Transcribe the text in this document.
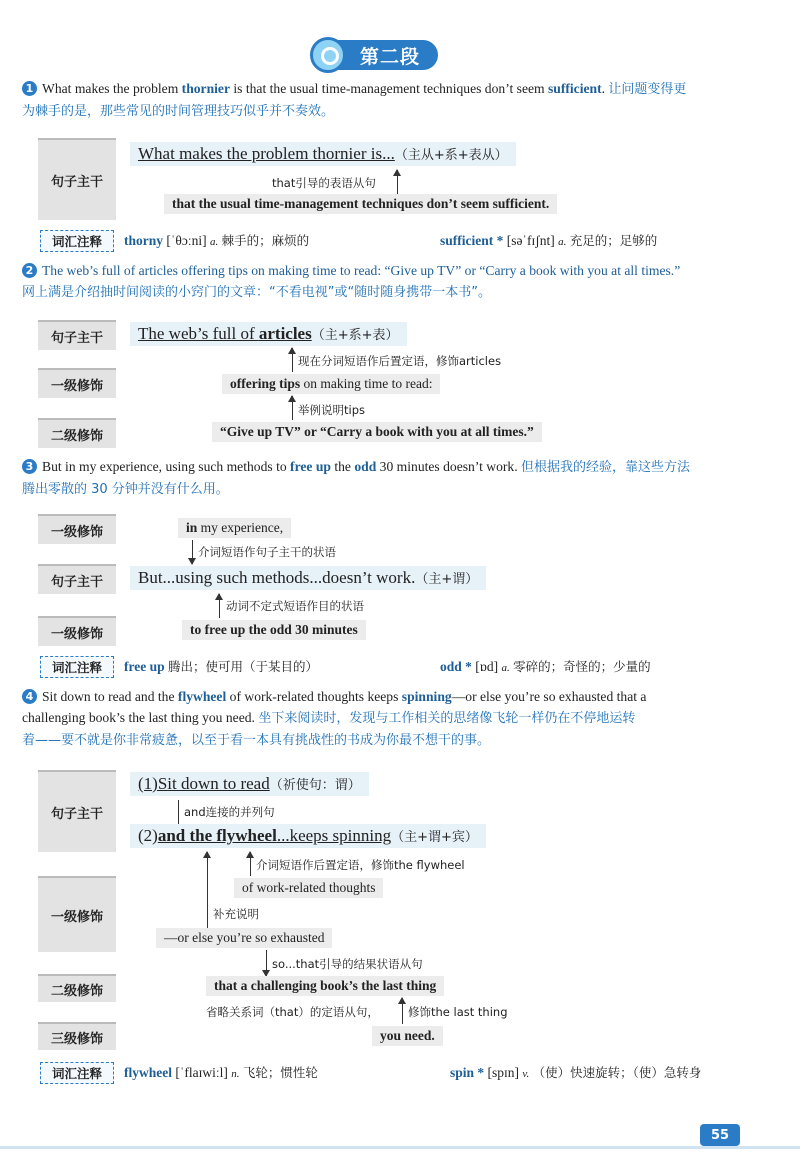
第二段
1 What makes the problem thornier is that the usual time-management techniques don’t seem sufficient. 让问题变得更
为棘手的是，那些常见的时间管理技巧似乎并不奏效。
句子主干
What makes the problem thornier is...（主从+系+表从）
that引导的表语从句
that the usual time-management techniques don’t seem sufficient.
词汇注释	thorny [ˈθɔːni] a. 棘手的；麻烦的	sufficient * [səˈfɪʃnt] a. 充足的；足够的
2 The web’s full of articles offering tips on making time to read: “Give up TV” or “Carry a book with you at all times.”
网上满是介绍抽时间阅读的小窍门的文章：“不看电视”或“随时随身携带一本书”。
句子主干
一级修饰
二级修饰
The web’s full of articles（主+系+表）
现在分词短语作后置定语，修饰articles
offering tips on making time to read:
举例说明tips
“Give up TV” or “Carry a book with you at all times.”
3 But in my experience, using such methods to free up the odd 30 minutes doesn’t work. 但根据我的经验，靠这些方法
腾出零散的 30 分钟并没有什么用。
一级修饰
句子主干
一级修饰
in my experience,
介词短语作句子主干的状语
But...using such methods...doesn’t work.（主+谓）
动词不定式短语作目的状语
to free up the odd 30 minutes
词汇注释	free up 腾出；使可用（于某目的）	odd * [ɒd] a. 零碎的；奇怪的；少量的
4 Sit down to read and the flywheel of work-related thoughts keeps spinning—or else you’re so exhausted that a
challenging book’s the last thing you need. 坐下来阅读时，发现与工作相关的思绪像飞轮一样仍在不停地运转
着——要不就是你非常疲惫，以至于看一本具有挑战性的书成为你最不想干的事。
句子主干
一级修饰
二级修饰
三级修饰
(1)Sit down to read（祈使句：谓）
and连接的并列句
(2)and the flywheel...keeps spinning（主+谓+宾）
介词短语作后置定语，修饰the flywheel
of work-related thoughts
补充说明
—or else you’re so exhausted
so...that引导的结果状语从句
that a challenging book’s the last thing
省略关系词（that）的定语从句，	修饰the last thing
you need.
词汇注释	flywheel [ˈflaɪwiːl] n. 飞轮；惯性轮	spin * [spɪn] v. （使）快速旋转；（使）急转身
55
